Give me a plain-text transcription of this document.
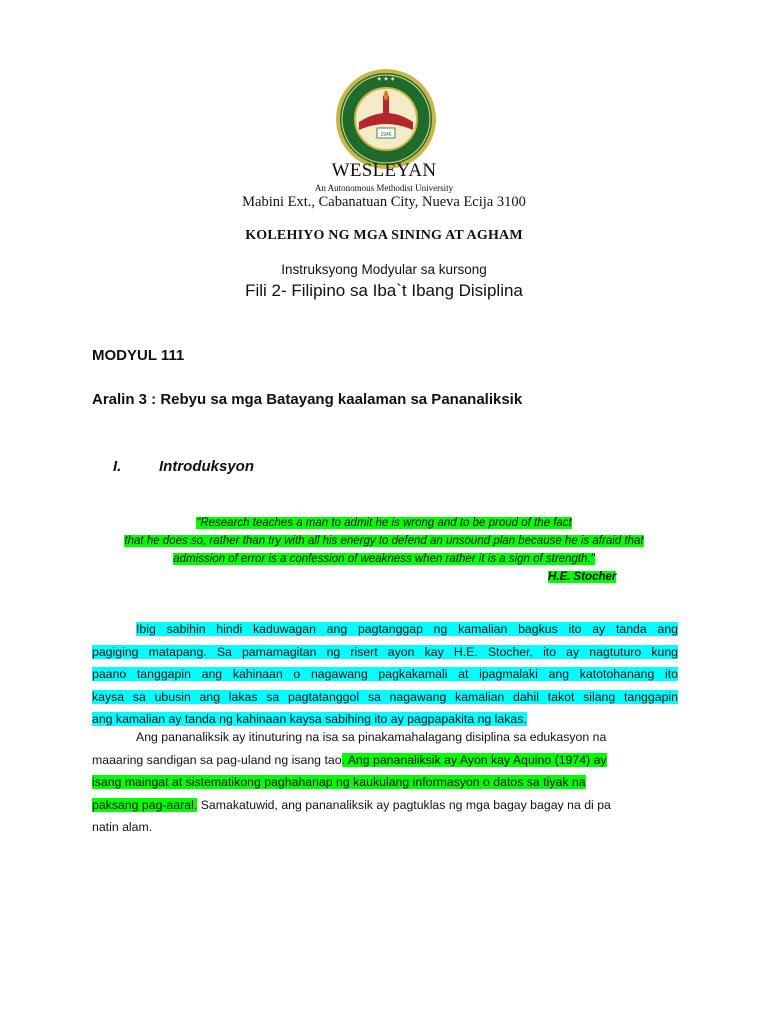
1946
✦ ✦ ✦
WESLEYAN
An Autonomous Methodist University
Mabini Ext., Cabanatuan City, Nueva Ecija 3100
KOLEHIYO NG MGA SINING AT AGHAM
Instruksyong Modyular sa kursong
Fili 2- Filipino sa Iba`t Ibang Disiplina
MODYUL 111
Aralin 3 : Rebyu sa mga Batayang kaalaman sa Pananaliksik
I.	Introduksyon
"Research teaches a man to admit he is wrong and to be proud of the fact
that he does so, rather than try with all his energy to defend an unsound plan because he is afraid that
admission of error is a confession of weakness when rather it is a sign of strength."
H.E. Stocher
Ibig sabihin hindi kaduwagan ang pagtanggap ng kamalian bagkus ito ay tanda ang
pagiging matapang. Sa pamamagitan ng risert ayon kay H.E. Stocher, ito ay nagtuturo kung
paano tanggapin ang kahinaan o nagawang pagkakamali at ipagmalaki ang katotohanang ito
kaysa sa ubusin ang lakas sa pagtatanggol sa nagawang kamalian dahil takot silang tanggapin
ang kamalian ay tanda ng kahinaan kaysa sabihing ito ay pagpapakita ng lakas.
Ang pananaliksik ay itinuturing na isa sa pinakamahalagang disiplina sa edukasyon na
maaaring sandigan sa pag-uland ng isang tao. Ang pananaliksik ay Ayon kay Aquino (1974) ay
isang maingat at sistematikong paghahanap ng kaukulang informasyon o datos sa tiyak na
paksang pag-aaral. Samakatuwid, ang pananaliksik ay pagtuklas ng mga bagay bagay na di pa
natin alam.
